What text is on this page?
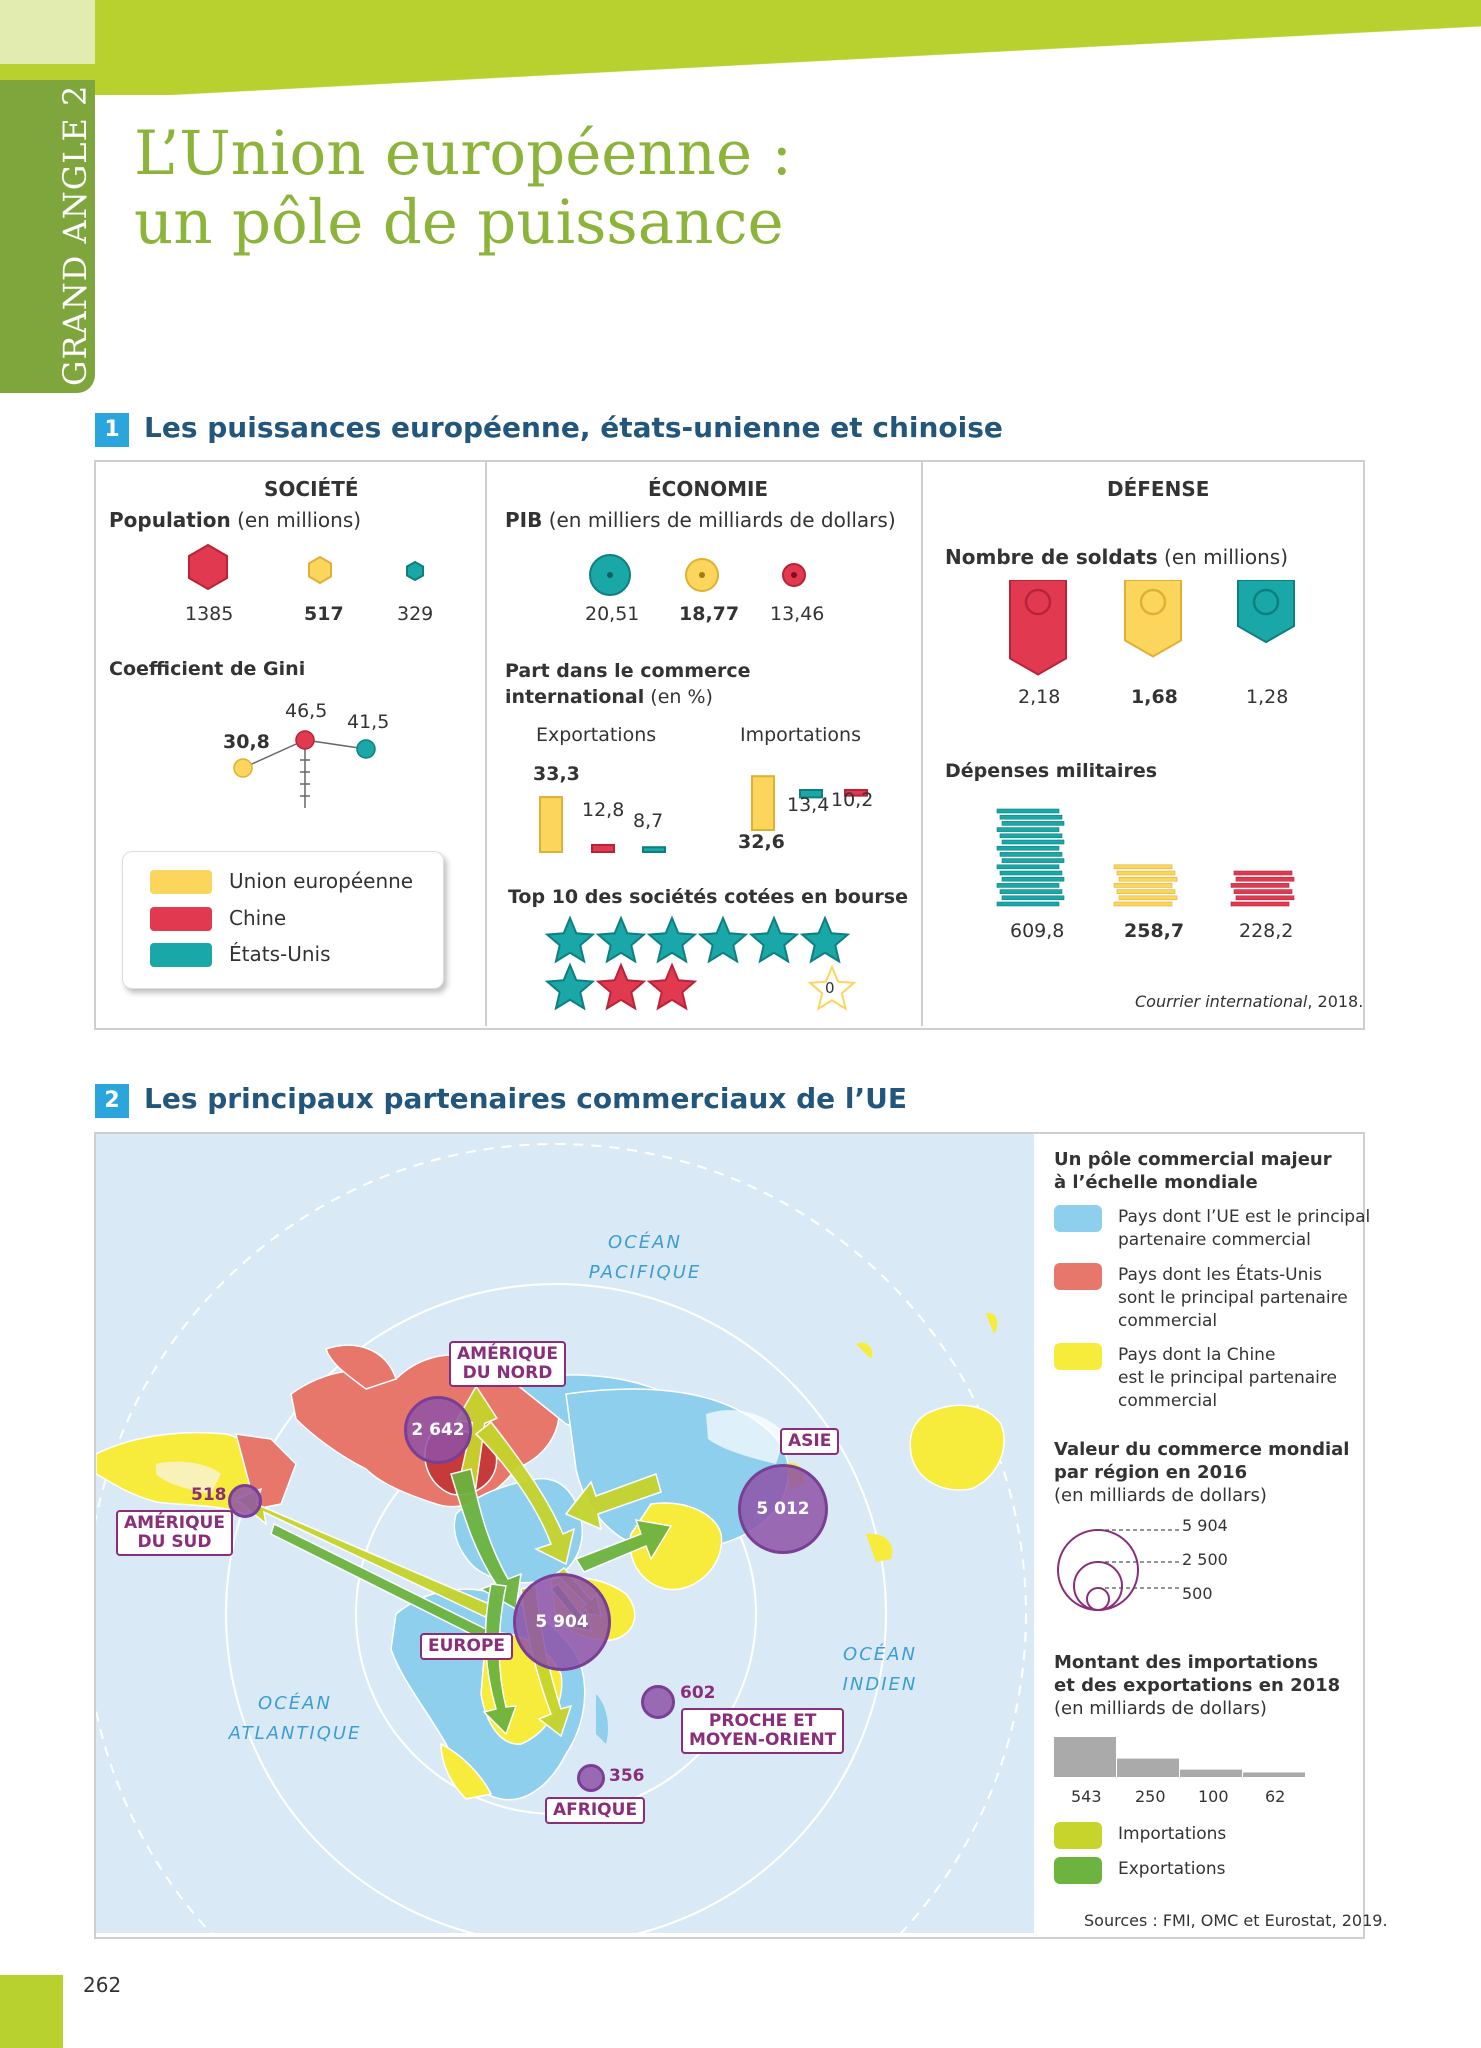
GRAND ANGLE 2 L’Union européenne :
un pôle de puissance
1 Les puissances européenne, états-unienne et chinoise
SOCIÉTÉ
Population (en millions)
1385	517	329
Coefficient de Gini
30,8
46,5 41,5
Union européenne
Chine
États-Unis
ÉCONOMIE
PIB (en milliers de milliards de dollars)
20,51 18,77 13,46
Part dans le commerce
international (en %)
Exportations	Importations
33,3
12,8 8,7
32,6
13,4 10,2
Top 10 des sociétés cotées en bourse
0
DÉFENSE
Nombre de soldats (en millions)
2,18	1,68	1,28
Dépenses militaires
609,8	258,7	228,2
Courrier international, 2018.
2 Les principaux partenaires commerciaux de l’UE
OCÉAN
PACIFIQUE
OCÉAN
ATLANTIQUE
OCÉAN
INDIEN
2 642
AMÉRIQUE
DU NORD
518
AMÉRIQUE
DU SUD
5 904
EUROPE
5 012
ASIE
602
PROCHE ET
MOYEN-ORIENT
356
AFRIQUE
Un pôle commercial majeur
à l’échelle mondiale
Pays dont l’UE est le principal
partenaire commercial
Pays dont les États-Unis
sont le principal partenaire
commercial
Pays dont la Chine
est le principal partenaire
commercial
Valeur du commerce mondial
par région en 2016
(en milliards de dollars)
5 904
2 500
500
Montant des importations
et des exportations en 2018
(en milliards de dollars)
543 250 100 62
Importations
Exportations
Sources : FMI, OMC et Eurostat, 2019.
262
